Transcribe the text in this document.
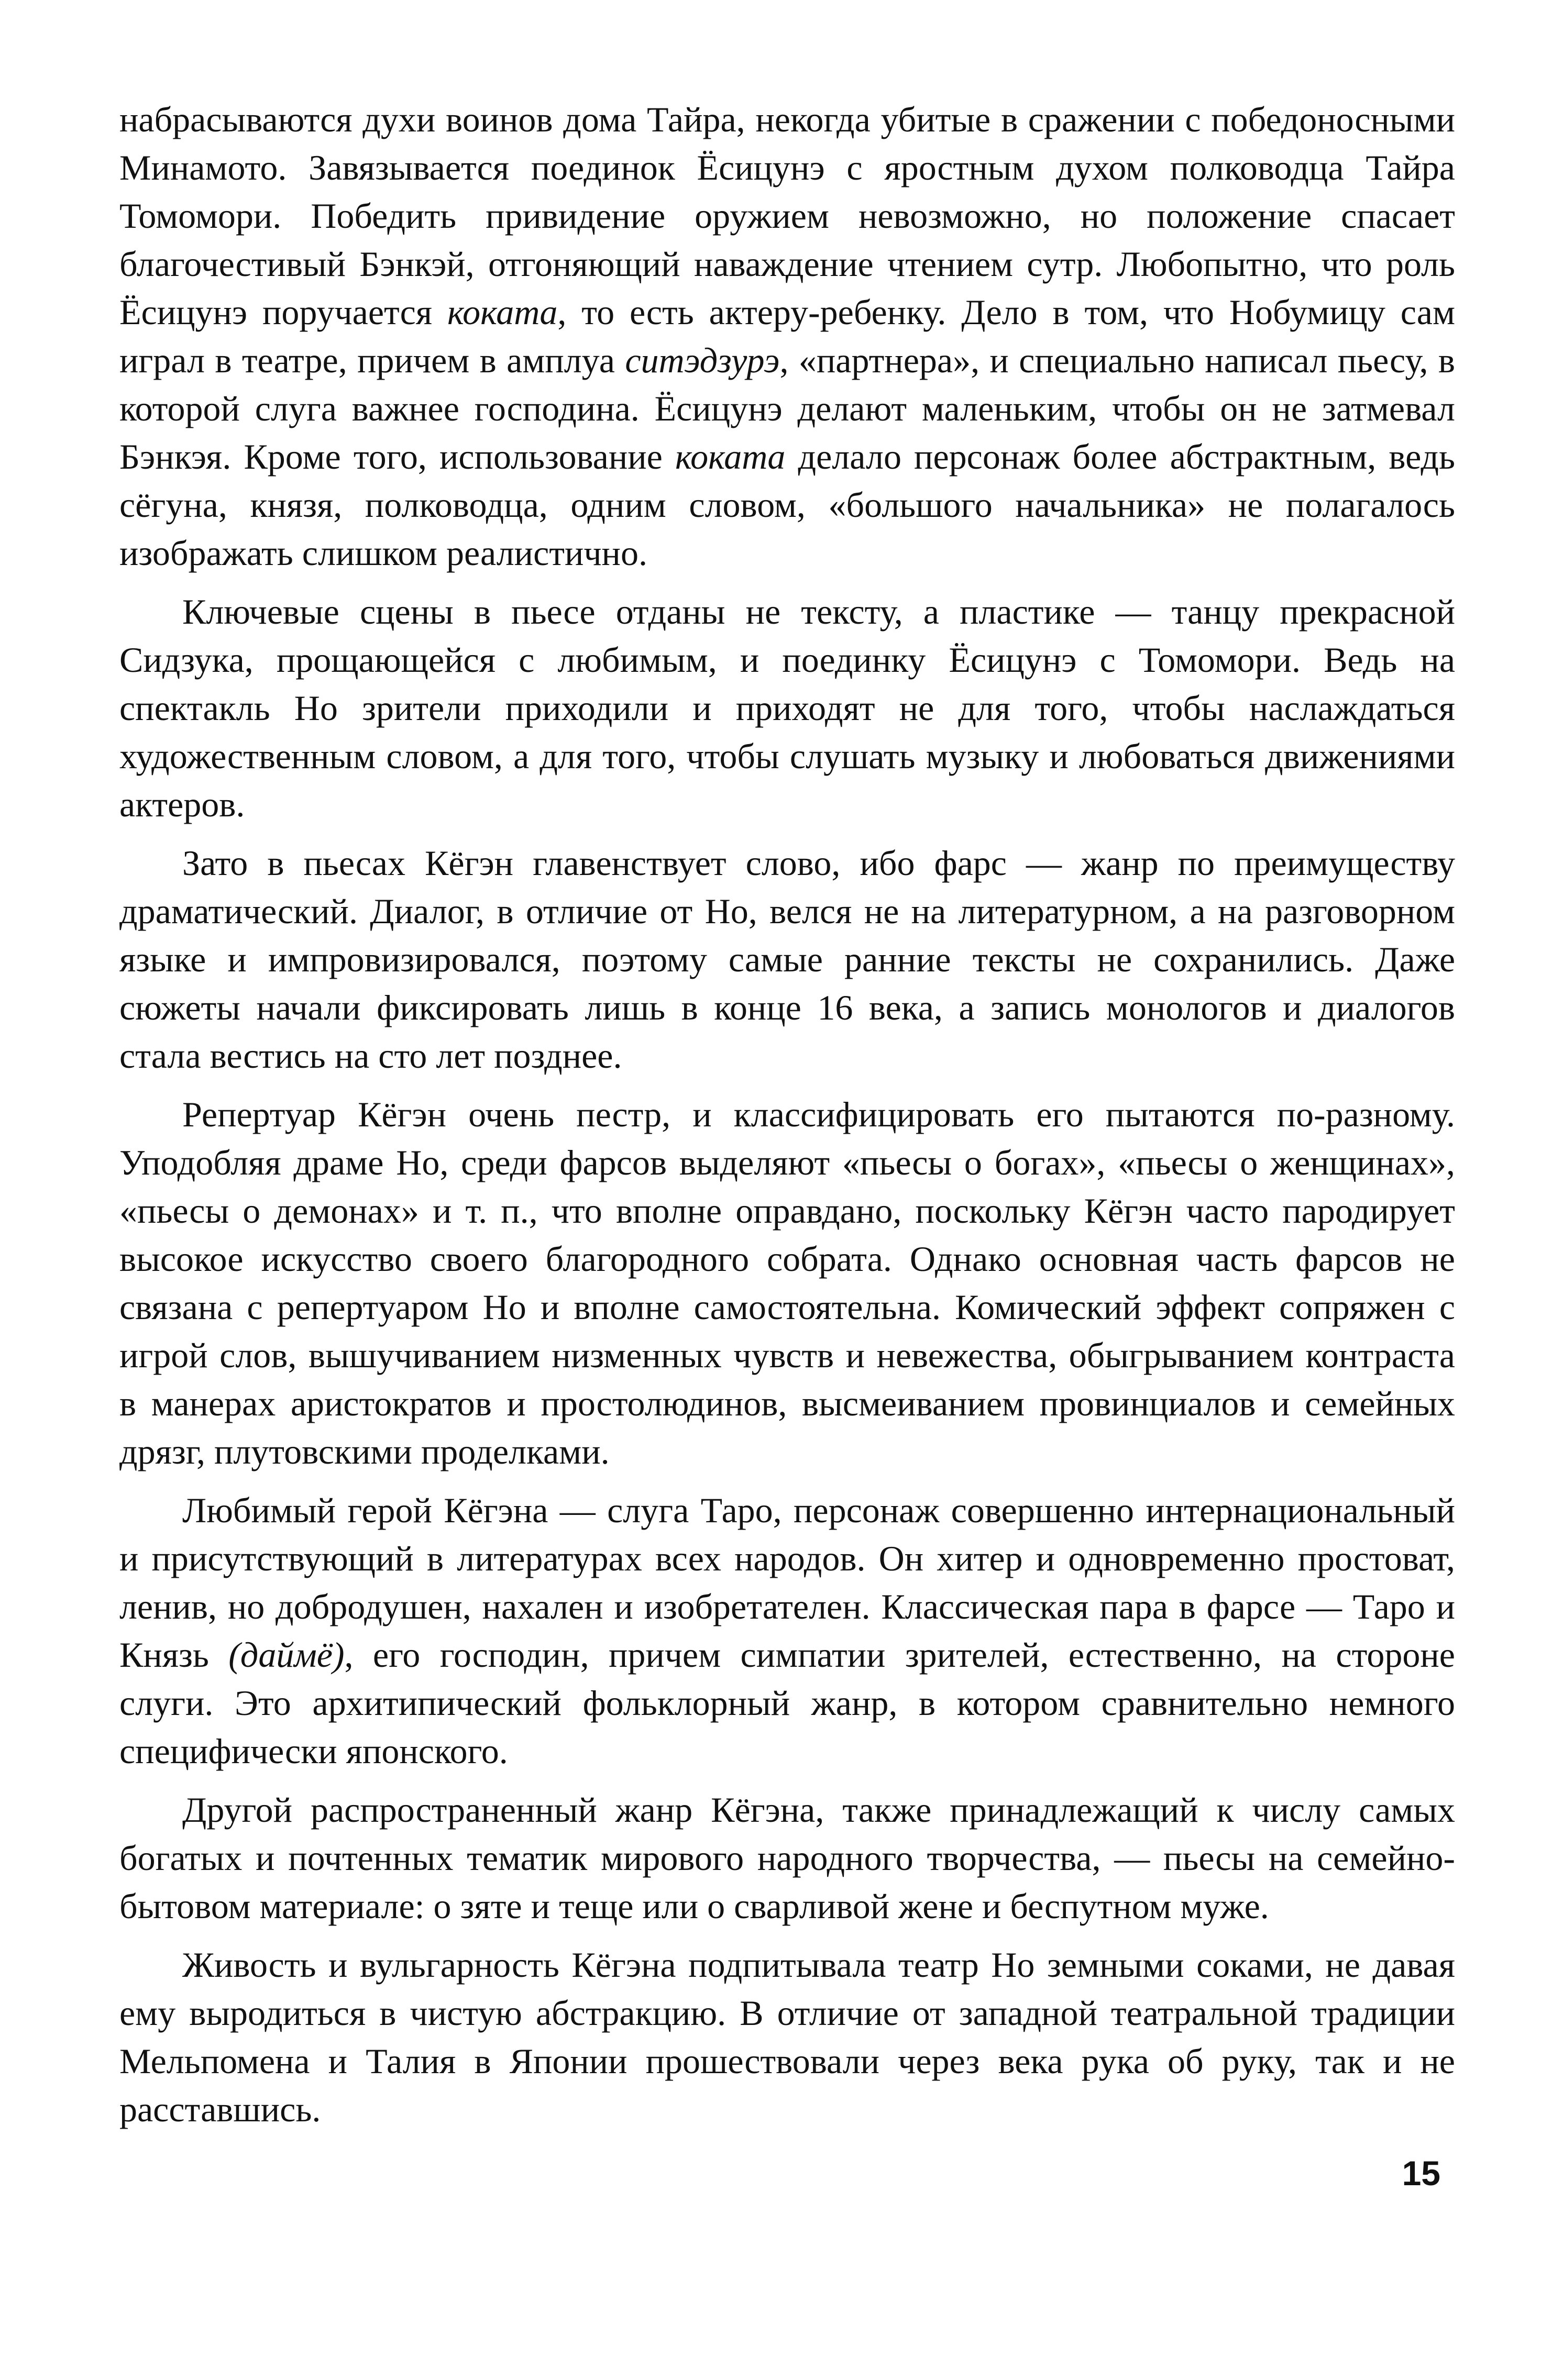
набрасываются духи воинов дома Тайра, некогда убитые в сражении с победоносными Минамото. Завязывается поединок Ёсицунэ с яростным духом полководца Тайра Томомори. Победить привидение оружием невозможно, но положение спасает благочестивый Бэнкэй, отгоняющий наваждение чтением сутр. Любопытно, что роль Ёсицунэ поручается кокатa, то есть актеру-ребенку. Дело в том, что Нобумицу сам играл в театре, причем в амплуа ситэдзурэ, «партнера», и специально написал пьесу, в которой слуга важнее господина. Ёсицунэ делают маленьким, чтобы он не затмевал Бэнкэя. Кроме того, использование кокатa делало персонаж более абстрактным, ведь сёгуна, князя, полководца, одним словом, «большого начальника» не полагалось изображать слишком реалистично.

Ключевые сцены в пьесе отданы не тексту, а пластике — танцу прекрасной Сидзука, прощающейся с любимым, и поединку Ёсицунэ с Томомори. Ведь на спектакль Но зрители приходили и приходят не для того, чтобы наслаждаться художественным словом, а для того, чтобы слушать музыку и любоваться движениями актеров.

Зато в пьесах Кёгэн главенствует слово, ибо фарс — жанр по преимуществу драматический. Диалог, в отличие от Но, велся не на литературном, а на разговорном языке и импровизировался, поэтому самые ранние тексты не сохранились. Даже сюжеты начали фиксировать лишь в конце 16 века, а запись монологов и диалогов стала вестись на сто лет позднее.

Репертуар Кёгэн очень пестр, и классифицировать его пытаются по-разному. Уподобляя драме Но, среди фарсов выделяют «пьесы о богах», «пьесы о женщинах», «пьесы о демонах» и т. п., что вполне оправдано, поскольку Кёгэн часто пародирует высокое искусство своего благородного собрата. Однако основная часть фарсов не связана с репертуаром Но и вполне самостоятельна. Комический эффект сопряжен с игрой слов, вышучиванием низменных чувств и невежества, обыгрыванием контраста в манерах аристократов и простолюдинов, высмеиванием провинциалов и семейных дрязг, плутовскими проделками.

Любимый герой Кёгэна — слуга Таро, персонаж совершенно интернациональный и присутствующий в литературах всех народов. Он хитер и одновременно простоват, ленив, но добродушен, нахален и изобретателен. Классическая пара в фарсе — Таро и Князь (даймё), его господин, причем симпатии зрителей, естественно, на стороне слуги. Это архитипический фольклорный жанр, в котором сравнительно немного специфически японского.

Другой распространенный жанр Кёгэна, также принадлежащий к числу самых богатых и почтенных тематик мирового народного творчества, — пьесы на семейно-бытовом материале: о зяте и теще или о сварливой жене и беспутном муже.

Живость и вульгарность Кёгэна подпитывала театр Но земными соками, не давая ему выродиться в чистую абстракцию. В отличие от западной театральной традиции Мельпомена и Талия в Японии прошествовали через века рука об руку, так и не расставшись.

15
